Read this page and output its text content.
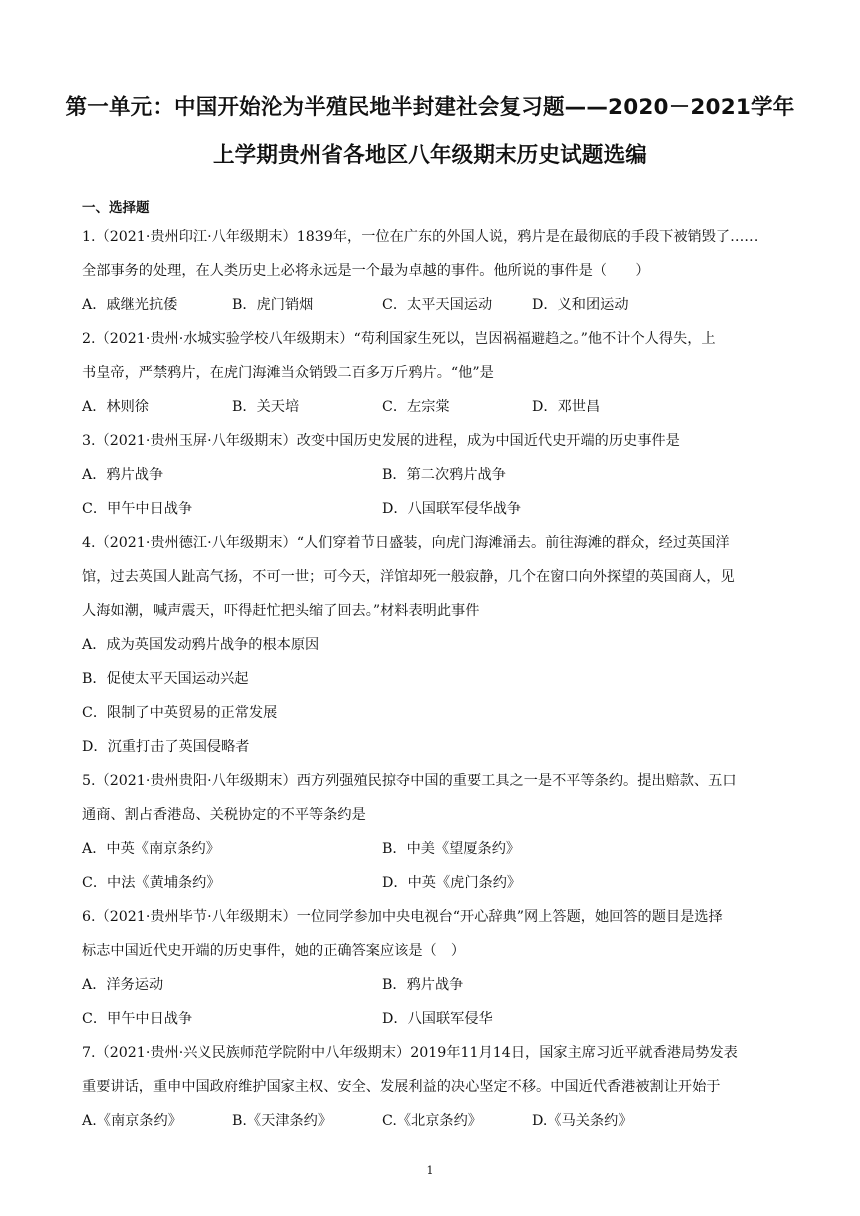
第一单元：中国开始沦为半殖民地半封建社会复习题——2020－2021学年
上学期贵州省各地区八年级期末历史试题选编
一、选择题
1.（2021·贵州印江·八年级期末）1839年，一位在广东的外国人说，鸦片是在最彻底的手段下被销毁了……
全部事务的处理，在人类历史上必将永远是一个最为卓越的事件。他所说的事件是（　　）
A．戚继光抗倭	B．虎门销烟	C．太平天国运动	D．义和团运动
2.（2021·贵州·水城实验学校八年级期末）“苟利国家生死以，岂因祸福避趋之。”他不计个人得失，上
书皇帝，严禁鸦片，在虎门海滩当众销毁二百多万斤鸦片。“他”是
A．林则徐	B．关天培	C．左宗棠	D．邓世昌
3.（2021·贵州玉屏·八年级期末）改变中国历史发展的进程，成为中国近代史开端的历史事件是
A．鸦片战争	B．第二次鸦片战争
C．甲午中日战争	D．八国联军侵华战争
4.（2021·贵州德江·八年级期末）“人们穿着节日盛装，向虎门海滩涌去。前往海滩的群众，经过英国洋
馆，过去英国人趾高气扬，不可一世；可今天，洋馆却死一般寂静，几个在窗口向外探望的英国商人，见
人海如潮，喊声震天，吓得赶忙把头缩了回去。”材料表明此事件
A．成为英国发动鸦片战争的根本原因
B．促使太平天国运动兴起
C．限制了中英贸易的正常发展
D．沉重打击了英国侵略者
5.（2021·贵州贵阳·八年级期末）西方列强殖民掠夺中国的重要工具之一是不平等条约。提出赔款、五口
通商、割占香港岛、关税协定的不平等条约是
A．中英《南京条约》	B．中美《望厦条约》
C．中法《黄埔条约》	D．中英《虎门条约》
6.（2021·贵州毕节·八年级期末）一位同学参加中央电视台“开心辞典”网上答题，她回答的题目是选择
标志中国近代史开端的历史事件，她的正确答案应该是（　）
A．洋务运动	B．鸦片战争
C．甲午中日战争	D．八国联军侵华
7.（2021·贵州·兴义民族师范学院附中八年级期末）2019年11月14日，国家主席习近平就香港局势发表
重要讲话，重申中国政府维护国家主权、安全、发展利益的决心坚定不移。中国近代香港被割让开始于
A.《南京条约》	B.《天津条约》	C.《北京条约》	D.《马关条约》
1
